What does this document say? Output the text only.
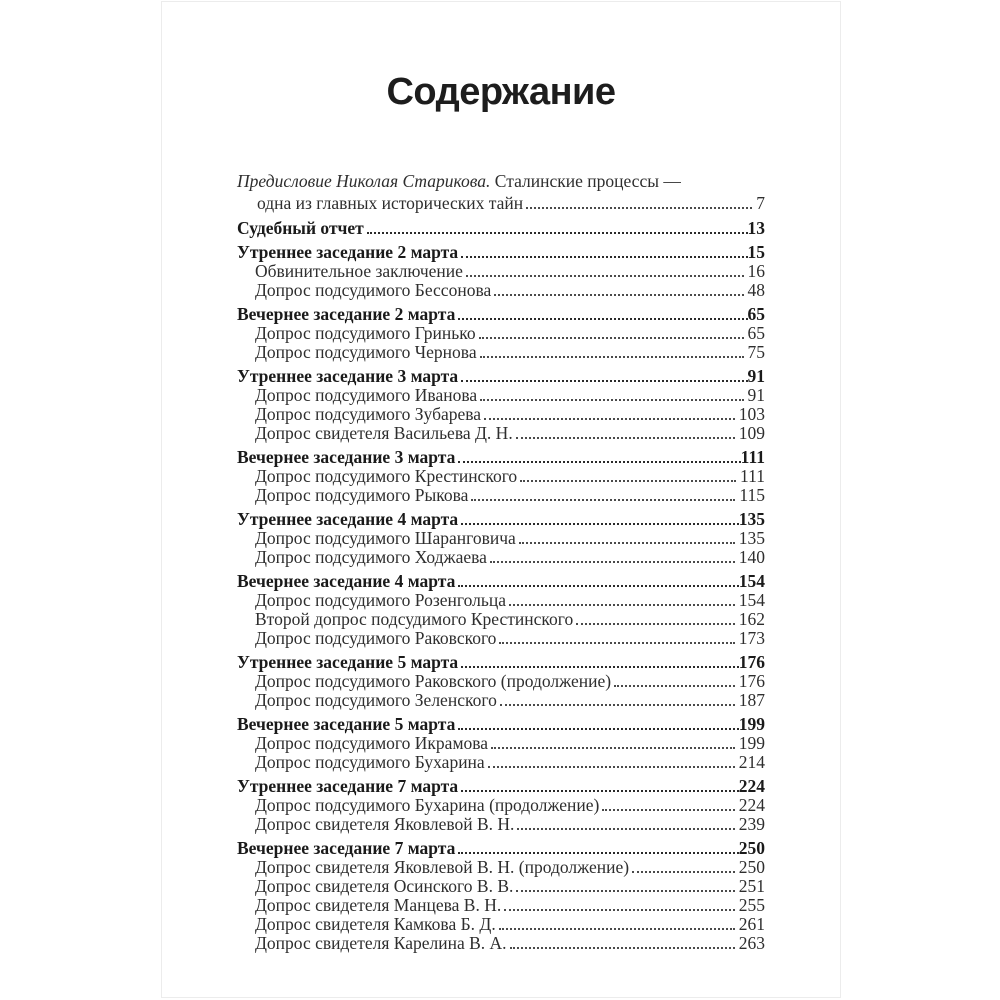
Содержание
Предисловие Николая Старикова. Сталинские процессы —
одна из главных исторических тайн	7
Судебный отчет	13
Утреннее заседание 2 марта	15
Обвинительное заключение	16
Допрос подсудимого Бессонова	48
Вечернее заседание 2 марта	65
Допрос подсудимого Гринько	65
Допрос подсудимого Чернова	75
Утреннее заседание 3 марта	91
Допрос подсудимого Иванова	91
Допрос подсудимого Зубарева	103
Допрос свидетеля Васильева Д. Н.	109
Вечернее заседание 3 марта	111
Допрос подсудимого Крестинского	111
Допрос подсудимого Рыкова	115
Утреннее заседание 4 марта	135
Допрос подсудимого Шаранговича	135
Допрос подсудимого Ходжаева	140
Вечернее заседание 4 марта	154
Допрос подсудимого Розенгольца	154
Второй допрос подсудимого Крестинского	162
Допрос подсудимого Раковского	173
Утреннее заседание 5 марта	176
Допрос подсудимого Раковского (продолжение)	176
Допрос подсудимого Зеленского	187
Вечернее заседание 5 марта	199
Допрос подсудимого Икрамова	199
Допрос подсудимого Бухарина	214
Утреннее заседание 7 марта	224
Допрос подсудимого Бухарина (продолжение)	224
Допрос свидетеля Яковлевой В. Н.	239
Вечернее заседание 7 марта	250
Допрос свидетеля Яковлевой В. Н. (продолжение)	250
Допрос свидетеля Осинского В. В.	251
Допрос свидетеля Манцева В. Н.	255
Допрос свидетеля Камкова Б. Д.	261
Допрос свидетеля Карелина В. А.	263
